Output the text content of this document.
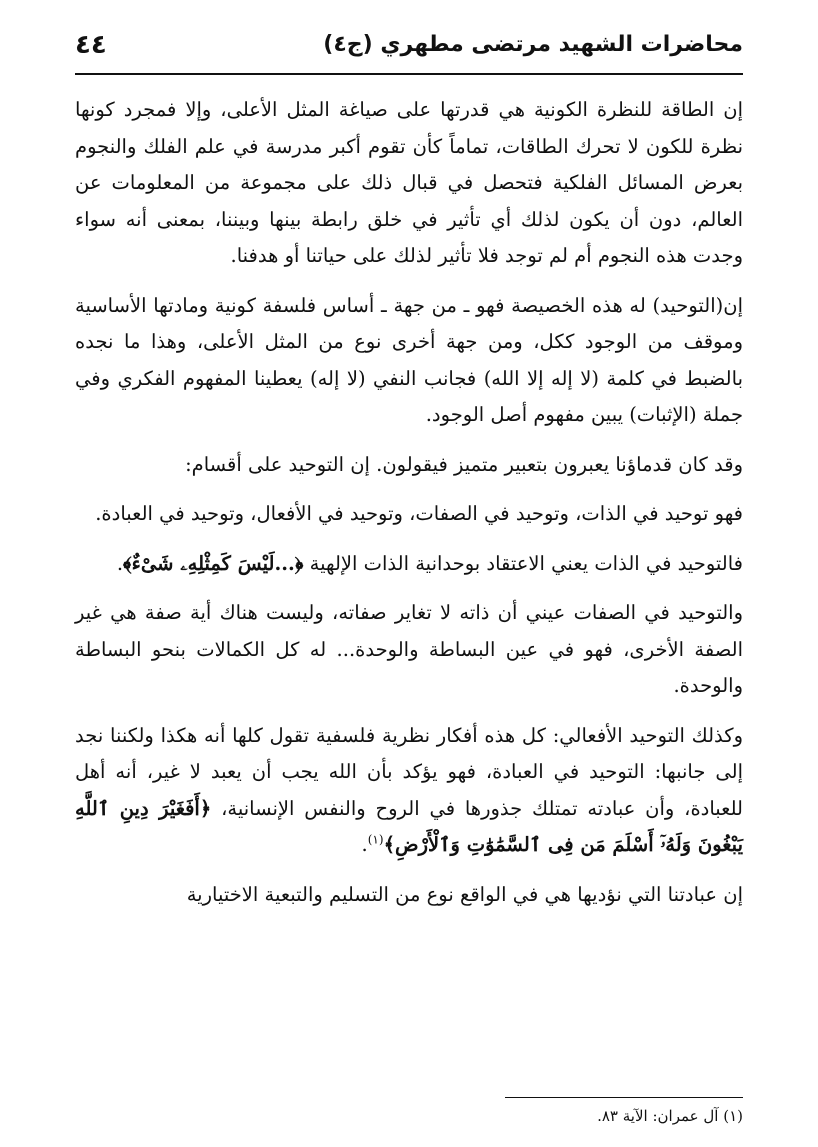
محاضرات الشهيد مرتضى مطهري (ج٤)
٤٤

إن الطاقة للنظرة الكونية هي قدرتها على صياغة المثل الأعلى، وإلا فمجرد كونها نظرة للكون لا تحرك الطاقات، تماماً كأن تقوم أكبر مدرسة في علم الفلك والنجوم بعرض المسائل الفلكية فتحصل في قبال ذلك على مجموعة من المعلومات عن العالم، دون أن يكون لذلك أي تأثير في خلق رابطة بينها وبيننا، بمعنى أنه سواء وجدت هذه النجوم أم لم توجد فلا تأثير لذلك على حياتنا أو هدفنا.

إن(التوحيد) له هذه الخصيصة فهو ـ من جهة ـ أساس فلسفة كونية ومادتها الأساسية وموقف من الوجود ككل، ومن جهة أخرى نوع من المثل الأعلى، وهذا ما نجده بالضبط في كلمة (لا إله إلا الله) فجانب النفي (لا إله) يعطينا المفهوم الفكري وفي جملة (الإثبات) يبين مفهوم أصل الوجود.

وقد كان قدماؤنا يعبرون بتعبير متميز فيقولون. إن التوحيد على أقسام:

فهو توحيد في الذات، وتوحيد في الصفات، وتوحيد في الأفعال، وتوحيد في العبادة.

فالتوحيد في الذات يعني الاعتقاد بوحدانية الذات الإلهية ﴿...لَيْسَ كَمِثْلِهِۦ شَىْءٌ﴾.

والتوحيد في الصفات عيني أن ذاته لا تغاير صفاته، وليست هناك أية صفة هي غير الصفة الأخرى، فهو في عين البساطة والوحدة... له كل الكمالات بنحو البساطة والوحدة.

وكذلك التوحيد الأفعالي: كل هذه أفكار نظرية فلسفية تقول كلها أنه هكذا ولكننا نجد إلى جانبها: التوحيد في العبادة، فهو يؤكد بأن الله يجب أن يعبد لا غير، أنه أهل للعبادة، وأن عبادته تمتلك جذورها في الروح والنفس الإنسانية، ﴿أَفَغَيْرَ دِينِ ٱللَّهِ يَبْغُونَ وَلَهُۥٓ أَسْلَمَ مَن فِى ٱلسَّمَٰوَٰتِ وَٱلْأَرْضِ﴾$^{(١)}$.

إن عبادتنا التي نؤديها هي في الواقع نوع من التسليم والتبعية الاختيارية

(١) آل عمران: الآية ٨٣.
